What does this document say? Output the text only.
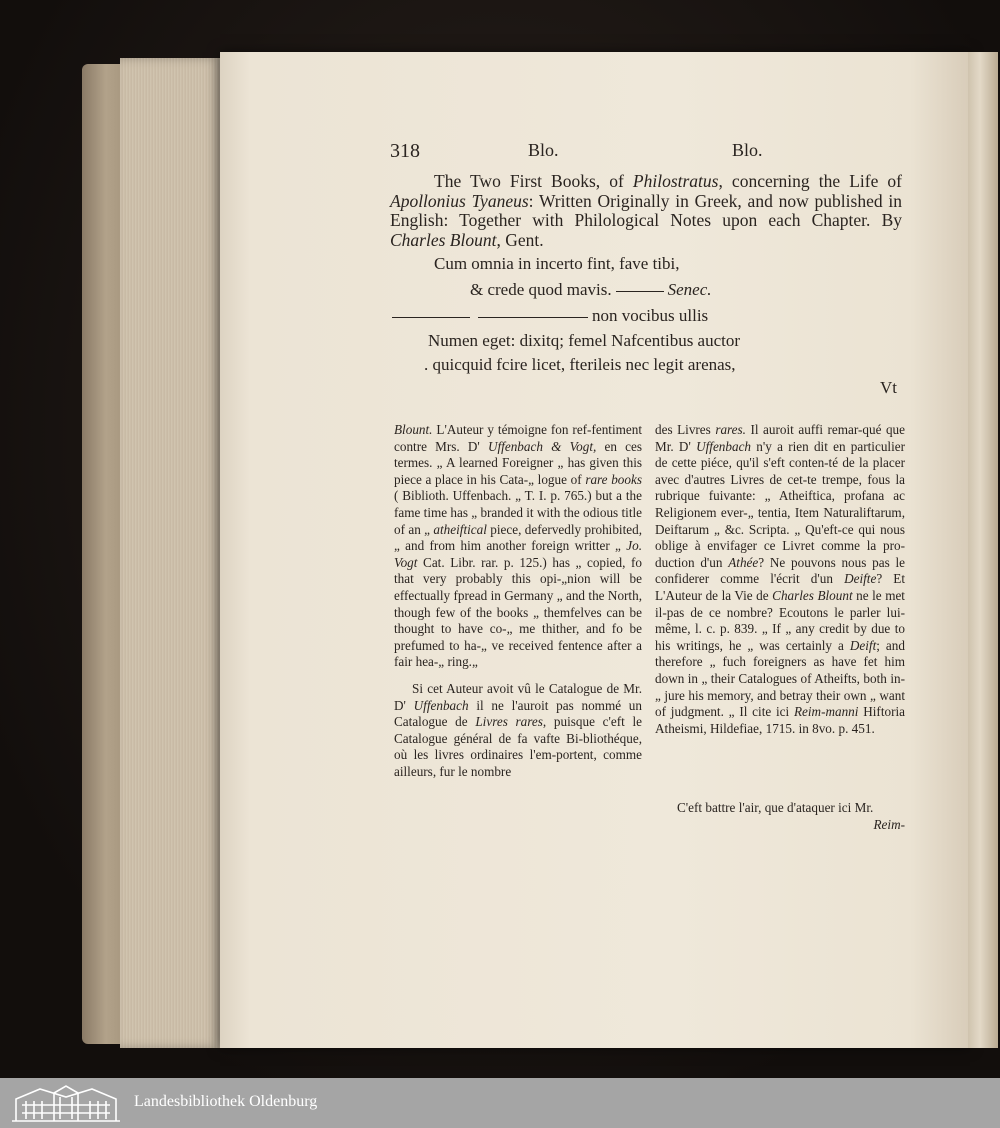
318	Blo.	Blo.
The Two First Books, of Philostratus, concerning the Life of Apollonius Tyaneus: Written Originally in Greek, and now published in English: Together with Philological Notes upon each Chapter. By Charles Blount, Gent.
Cum omnia in incerto fint, fave tibi,
& crede quod mavis.	Senec.
non vocibus ullis
Numen eget: dixitq; femel Nafcentibus auctor
. quicquid fcire licet, fterileis nec legit arenas,
Vt

Blount. L'Auteur y témoigne fon ref-fentiment contre Mrs. D' Uffenbach & Vogt, en ces termes. „ A learned Foreigner „ has given this piece a place in his Cata-„ logue of rare books ( Biblioth. Uffenbach. „ T. I. p. 765.) but a the fame time has „ branded it with the odious title of an „ atheiftical piece, defervedly prohibited, „ and from him another foreign writter „ Jo. Vogt Cat. Libr. rar. p. 125.) has „ copied, fo that very probably this opi-„nion will be effectually fpread in Germany „ and the North, though few of the books „ themfelves can be thought to have co-„ me thither, and fo be prefumed to ha-„ ve received fentence after a fair hea-„ ring.„

Si cet Auteur avoit vû le Catalogue de Mr. D' Uffenbach il ne l'auroit pas nommé un Catalogue de Livres rares, puisque c'eft le Catalogue général de fa vafte Bi-bliothéque, où les livres ordinaires l'em-portent, comme ailleurs, fur le nombre

des Livres rares. Il auroit auffi remar-qué que Mr. D' Uffenbach n'y a rien dit en particulier de cette piéce, qu'il s'eft conten-té de la placer avec d'autres Livres de cet-te trempe, fous la rubrique fuivante: „ Atheiftica, profana ac Religionem ever-„ tentia, Item Naturaliftarum, Deiftarum „ &c. Scripta. „ Qu'eft-ce qui nous oblige à envifager ce Livret comme la pro-duction d'un Athée? Ne pouvons nous pas le confiderer comme l'écrit d'un Deifte? Et L'Auteur de la Vie de Charles Blount ne le met il-pas de ce nombre? Ecoutons le parler lui-même, l. c. p. 839. „ If „ any credit by due to his writings, he „ was certainly a Deift; and therefore „ fuch foreigners as have fet him down in „ their Catalogues of Atheifts, both in-„ jure his memory, and betray their own „ want of judgment. „ Il cite ici Reim-manni Hiftoria Atheismi, Hildefiae, 1715. in 8vo. p. 451.

C'eft battre l'air, que d'ataquer ici Mr.
Reim-
Landesbibliothek Oldenburg
